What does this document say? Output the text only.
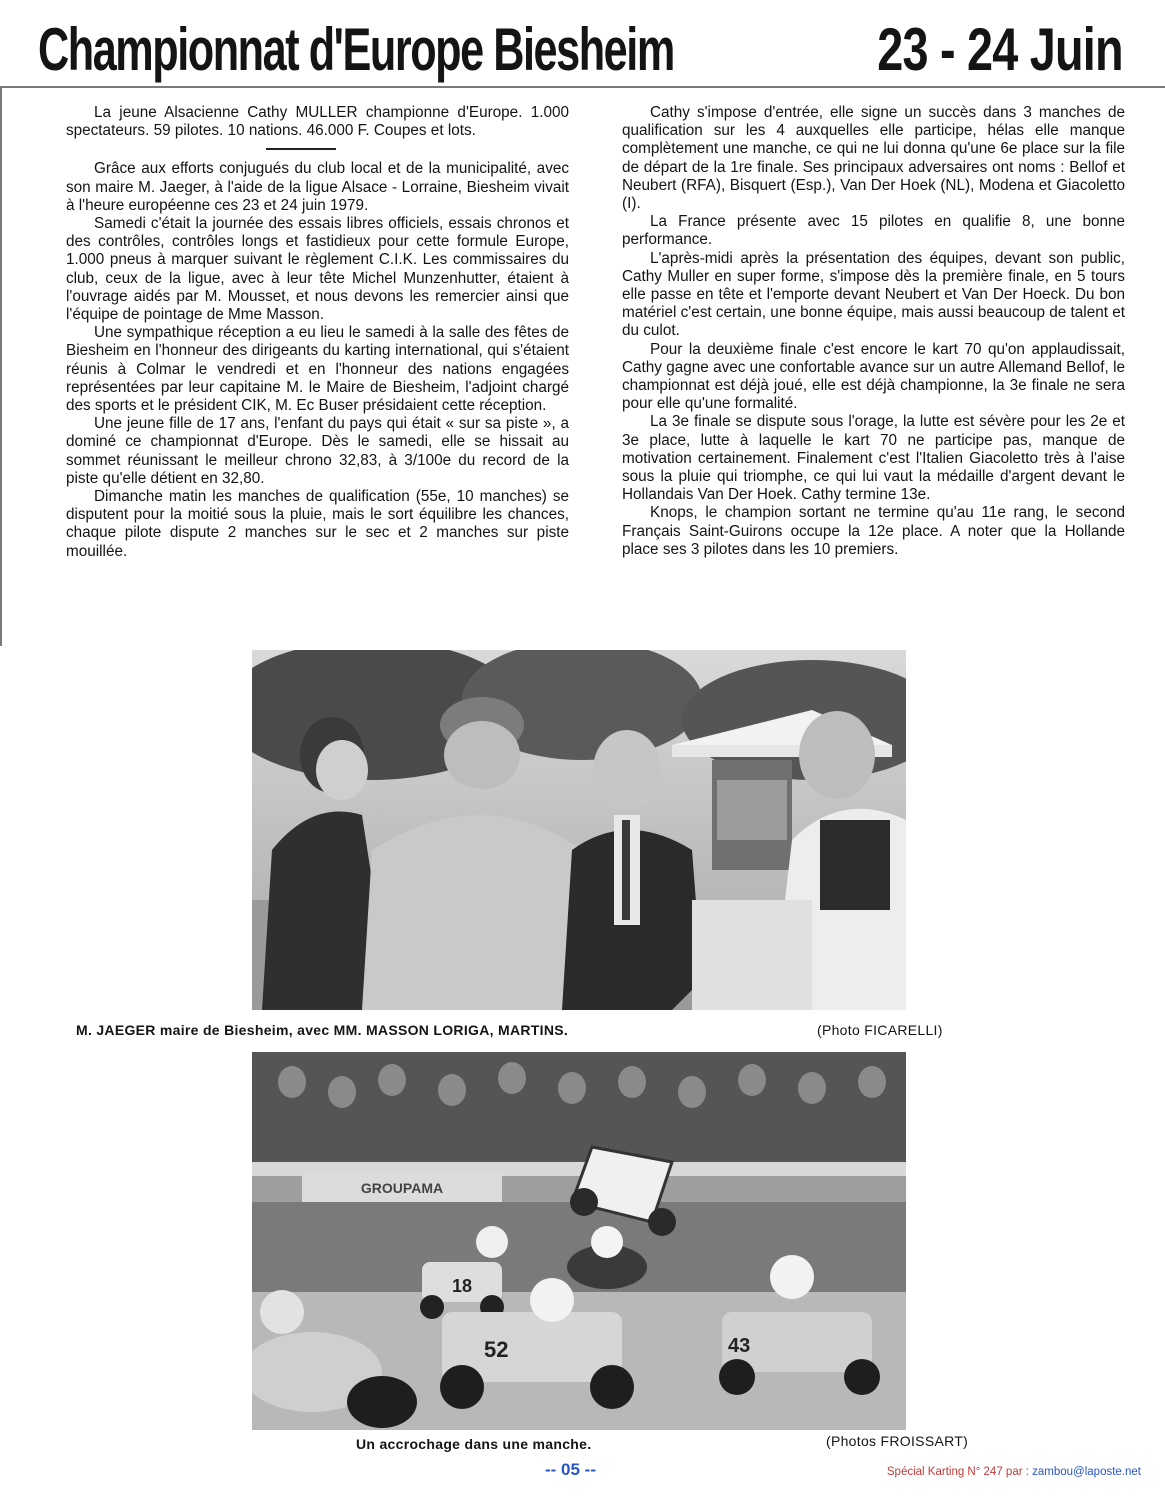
Championnat d'Europe Biesheim	23 - 24 Juin

La jeune Alsacienne Cathy MULLER championne d'Europe. 1.000 spectateurs. 59 pilotes. 10 nations. 46.000 F. Coupes et lots.

Grâce aux efforts conjugués du club local et de la municipalité, avec son maire M. Jaeger, à l'aide de la ligue Alsace - Lorraine, Biesheim vivait à l'heure européenne ces 23 et 24 juin 1979.

Samedi c'était la journée des essais libres officiels, essais chronos et des contrôles, contrôles longs et fastidieux pour cette formule Europe, 1.000 pneus à marquer suivant le règlement C.I.K. Les commissaires du club, ceux de la ligue, avec à leur tête Michel Munzenhutter, étaient à l'ouvrage aidés par M. Mousset, et nous devons les remercier ainsi que l'équipe de pointage de Mme Masson.

Une sympathique réception a eu lieu le samedi à la salle des fêtes de Biesheim en l'honneur des dirigeants du karting international, qui s'étaient réunis à Colmar le vendredi et en l'honneur des nations engagées représentées par leur capitaine M. le Maire de Biesheim, l'adjoint chargé des sports et le président CIK, M. Ec Buser présidaient cette réception.

Une jeune fille de 17 ans, l'enfant du pays qui était « sur sa piste », a dominé ce championnat d'Europe. Dès le samedi, elle se hissait au sommet réunissant le meilleur chrono 32,83, à 3/100e du record de la piste qu'elle détient en 32,80.

Dimanche matin les manches de qualification (55e, 10 manches) se disputent pour la moitié sous la pluie, mais le sort équilibre les chances, chaque pilote dispute 2 manches sur le sec et 2 manches sur piste mouillée.

Cathy s'impose d'entrée, elle signe un succès dans 3 manches de qualification sur les 4 auxquelles elle participe, hélas elle manque complètement une manche, ce qui ne lui donna qu'une 6e place sur la file de départ de la 1re finale. Ses principaux adversaires ont noms : Bellof et Neubert (RFA), Bisquert (Esp.), Van Der Hoek (NL), Modena et Giacoletto (I).

La France présente avec 15 pilotes en qualifie 8, une bonne performance.

L'après-midi après la présentation des équipes, devant son public, Cathy Muller en super forme, s'impose dès la première finale, en 5 tours elle passe en tête et l'emporte devant Neubert et Van Der Hoeck. Du bon matériel c'est certain, une bonne équipe, mais aussi beaucoup de talent et du culot.

Pour la deuxième finale c'est encore le kart 70 qu'on applaudissait, Cathy gagne avec une confortable avance sur un autre Allemand Bellof, le championnat est déjà joué, elle est déjà championne, la 3e finale ne sera pour elle qu'une formalité.

La 3e finale se dispute sous l'orage, la lutte est sévère pour les 2e et 3e place, lutte à laquelle le kart 70 ne participe pas, manque de motivation certainement. Finalement c'est l'Italien Giacoletto très à l'aise sous la pluie qui triomphe, ce qui lui vaut la médaille d'argent devant le Hollandais Van Der Hoek. Cathy termine 13e.

Knops, le champion sortant ne termine qu'au 11e rang, le second Français Saint-Guirons occupe la 12e place. A noter que la Hollande place ses 3 pilotes dans les 10 premiers.

M. JAEGER maire de Biesheim, avec MM. MASSON LORIGA, MARTINS.	(Photo FICARELLI)
GROUPAMA
18
52	43
Un accrochage dans une manche.	(Photos FROISSART)
-- 05 --	Spécial Karting N° 247 par : zambou@laposte.net
